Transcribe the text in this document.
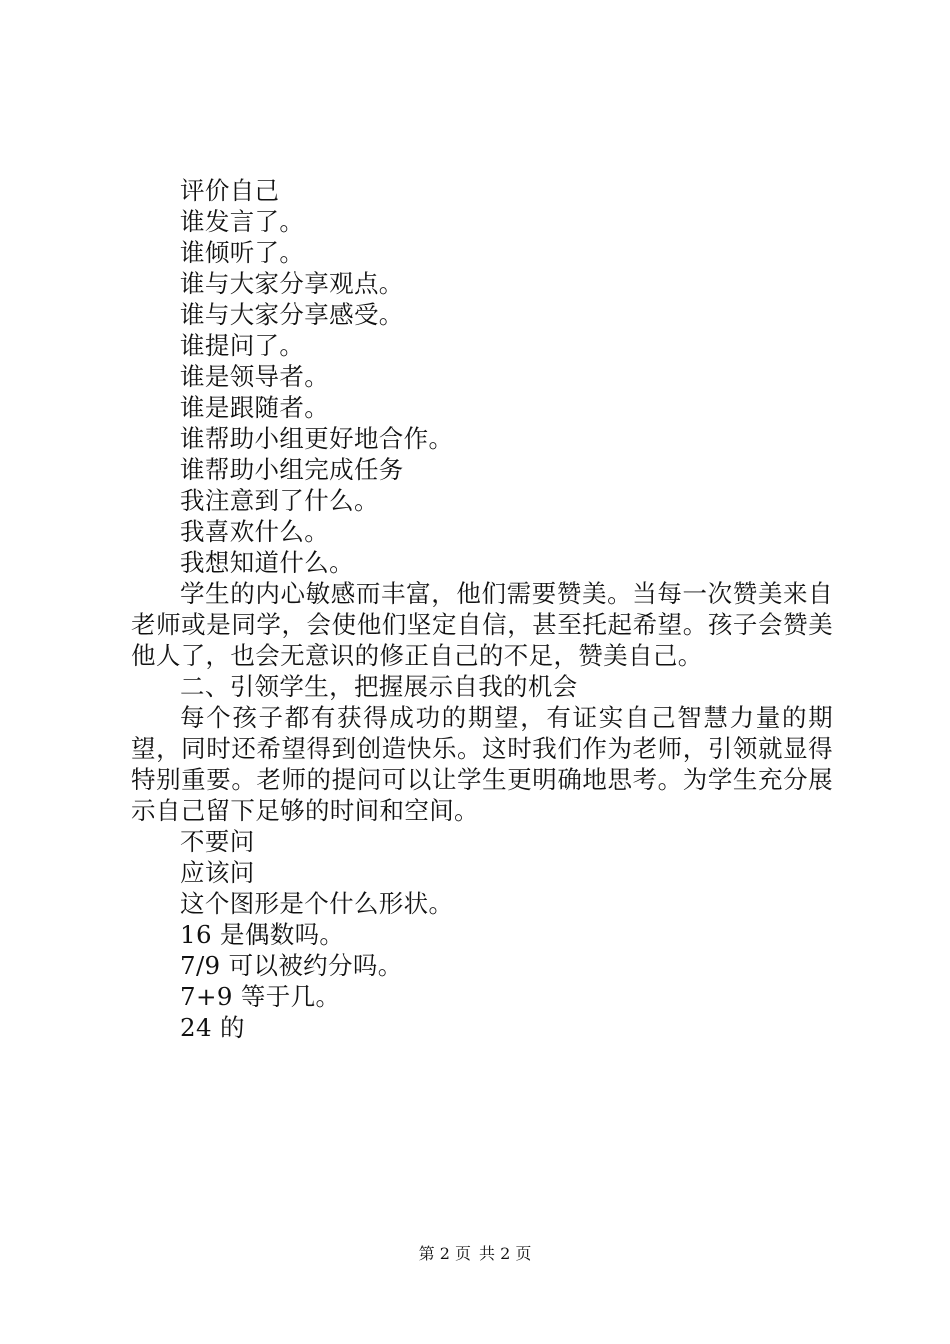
评价自己
谁发言了。
谁倾听了。
谁与大家分享观点。
谁与大家分享感受。
谁提问了。
谁是领导者。
谁是跟随者。
谁帮助小组更好地合作。
谁帮助小组完成任务
我注意到了什么。
我喜欢什么。
我想知道什么。

学生的内心敏感而丰富，他们需要赞美。当每一次赞美来自老师或是同学，会使他们坚定自信，甚至托起希望。孩子会赞美他人了，也会无意识的修正自己的不足，赞美自己。

二、引领学生，把握展示自我的机会

每个孩子都有获得成功的期望，有证实自己智慧力量的期望，同时还希望得到创造快乐。这时我们作为老师，引领就显得特别重要。老师的提问可以让学生更明确地思考。为学生充分展示自己留下足够的时间和空间。

不要问
应该问
这个图形是个什么形状。
16 是偶数吗。
7/9 可以被约分吗。
7+9 等于几。
24 的
第 2 页 共 2 页
